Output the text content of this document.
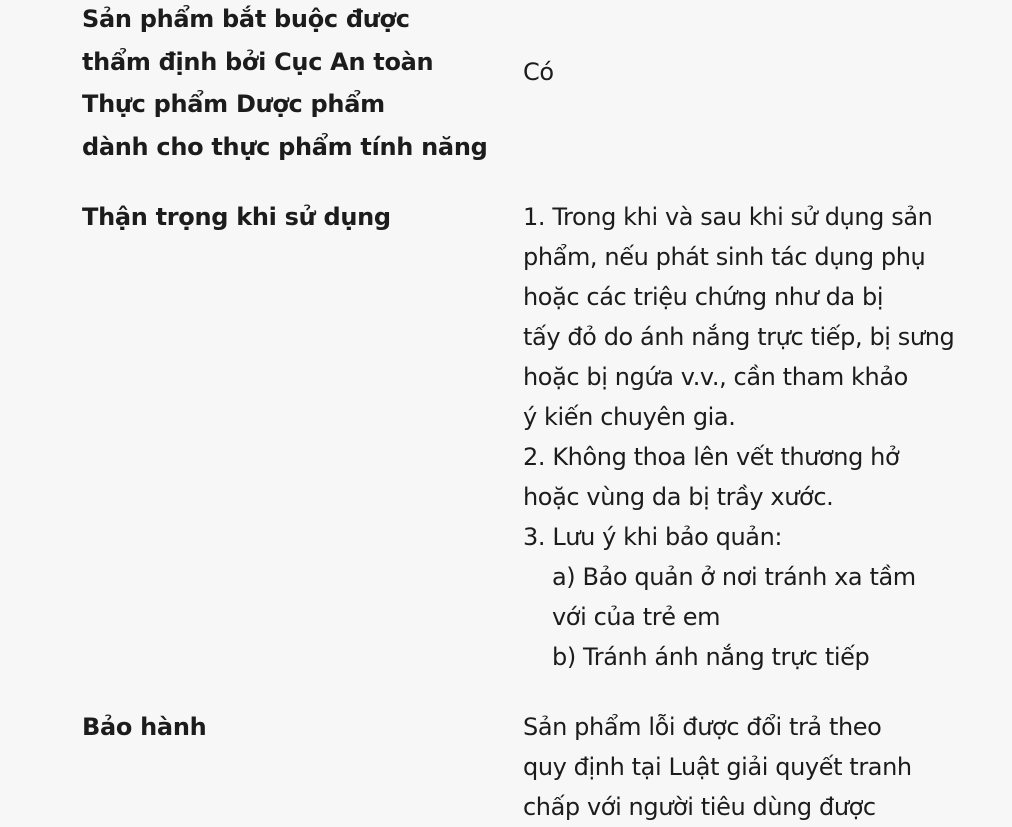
Sản phẩm bắt buộc được
thẩm định bởi Cục An toàn
Thực phẩm Dược phẩm
dành cho thực phẩm tính năng
Có
Thận trọng khi sử dụng	1. Trong khi và sau khi sử dụng sản
phẩm, nếu phát sinh tác dụng phụ
hoặc các triệu chứng như da bị
tấy đỏ do ánh nắng trực tiếp, bị sưng
hoặc bị ngứa v.v., cần tham khảo
ý kiến chuyên gia.
2. Không thoa lên vết thương hở
hoặc vùng da bị trầy xước.
3. Lưu ý khi bảo quản:
a) Bảo quản ở nơi tránh xa tầm
với của trẻ em
b) Tránh ánh nắng trực tiếp
Bảo hành	Sản phẩm lỗi được đổi trả theo
quy định tại Luật giải quyết tranh
chấp với người tiêu dùng được
